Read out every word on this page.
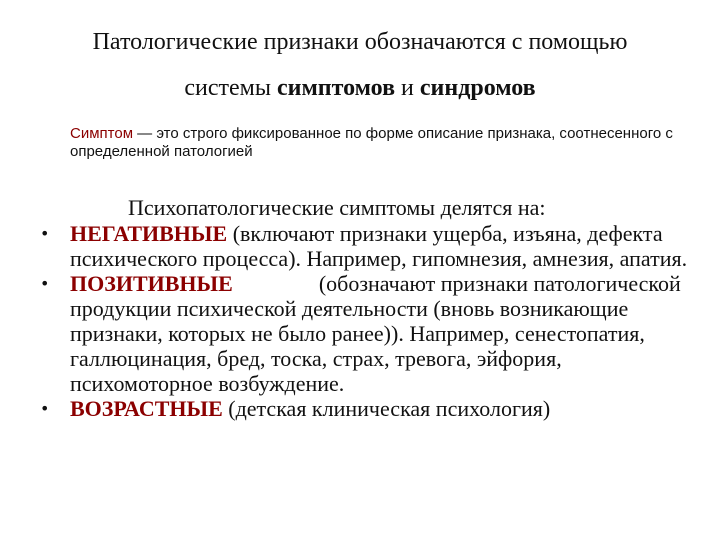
Патологические признаки обозначаются с помощью
системы симптомов и синдромов
Симптом — это строго фиксированное по форме описание признака, соотнесенного с определенной патологией
Психопатологические симптомы делятся на:
• НЕГАТИВНЫЕ (включают признаки ущерба, изъяна, дефекта психического процесса). Например, гипомнезия, амнезия, апатия.
• ПОЗИТИВНЫЕ	(обозначают признаки патологической продукции психической деятельности (вновь возникающие признаки, которых не было ранее)). Например, сенестопатия, галлюцинация, бред, тоска, страх, тревога, эйфория, психомоторное возбуждение.
• ВОЗРАСТНЫЕ (детская клиническая психология)
